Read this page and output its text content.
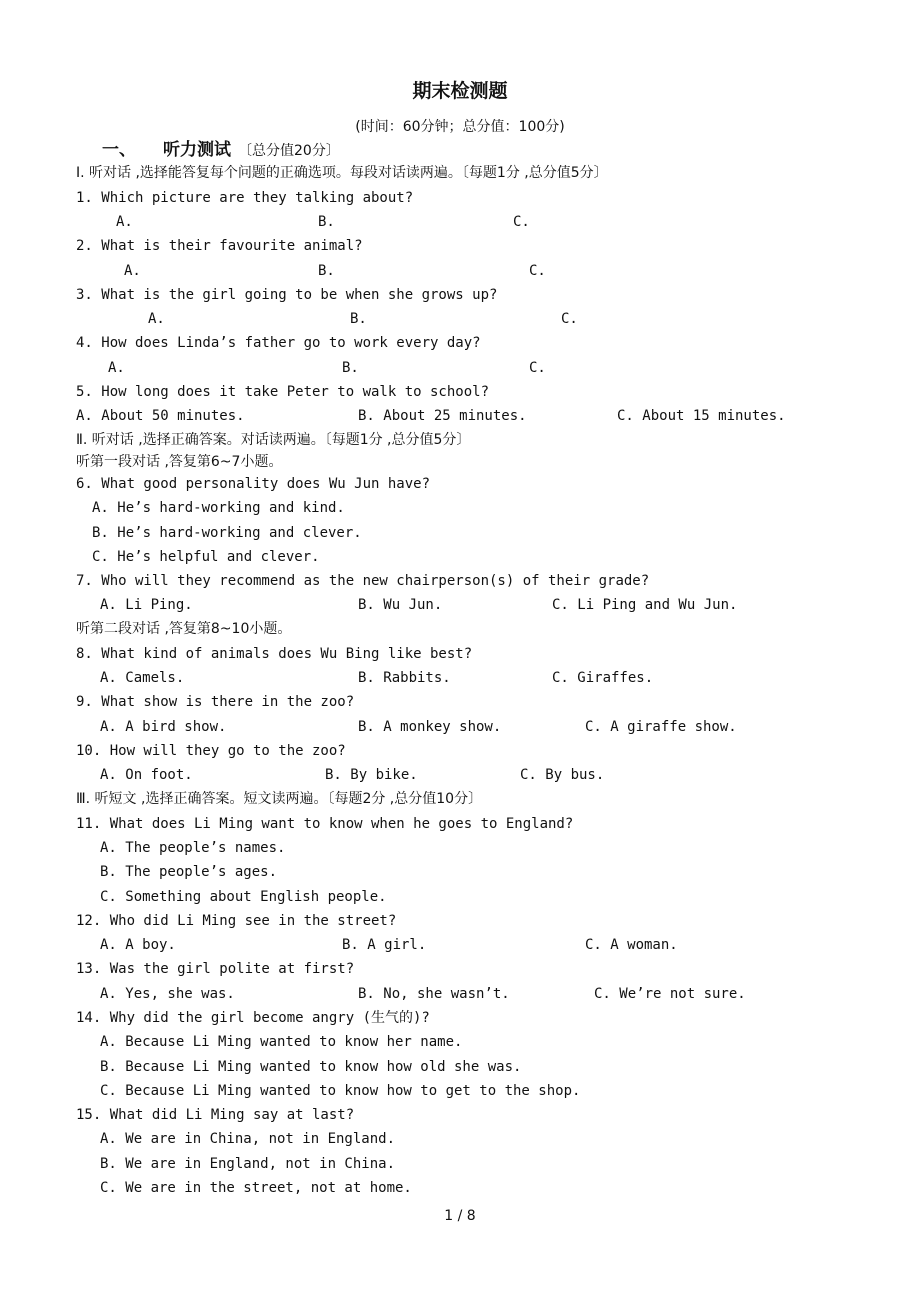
期末检测题
(时间：60分钟；总分值：100分)
一、 听力测试 〔总分值20分〕
Ⅰ. 听对话 ,选择能答复每个问题的正确选项。每段对话读两遍。〔每题1分 ,总分值5分〕
1. Which picture are they talking about?
A.	B.	C.
2. What is their favourite animal?
A.	B.	C.
3. What is the girl going to be when she grows up?
A.	B.	C.
4. How does Linda’s father go to work every day?
A.	B.	C.
5. How long does it take Peter to walk to school?
A. About 50 minutes.	B. About 25 minutes.	C. About 15 minutes.
Ⅱ. 听对话 ,选择正确答案。对话读两遍。〔每题1分 ,总分值5分〕
听第一段对话 ,答复第6~7小题。
6. What good personality does Wu Jun have?
A. He’s hard-working and kind.
B. He’s hard-working and clever.
C. He’s helpful and clever.
7. Who will they recommend as the new chairperson(s) of their grade?
A. Li Ping.	B. Wu Jun.	C. Li Ping and Wu Jun.
听第二段对话 ,答复第8~10小题。
8. What kind of animals does Wu Bing like best?
A. Camels.	B. Rabbits.	C. Giraffes.
9. What show is there in the zoo?
A. A bird show.	B. A monkey show.	C. A giraffe show.
10. How will they go to the zoo?
A. On foot.	B. By bike.	C. By bus.
Ⅲ. 听短文 ,选择正确答案。短文读两遍。〔每题2分 ,总分值10分〕
11. What does Li Ming want to know when he goes to England?
A. The people’s names.
B. The people’s ages.
C. Something about English people.
12. Who did Li Ming see in the street?
A. A boy.	B. A girl.	C. A woman.
13. Was the girl polite at first?
A. Yes, she was.	B. No, she wasn’t.	C. We’re not sure.
14. Why did the girl become angry (生气的)?
A. Because Li Ming wanted to know her name.
B. Because Li Ming wanted to know how old she was.
C. Because Li Ming wanted to know how to get to the shop.
15. What did Li Ming say at last?
A. We are in China, not in England.
B. We are in England, not in China.
C. We are in the street, not at home.
1 / 8
